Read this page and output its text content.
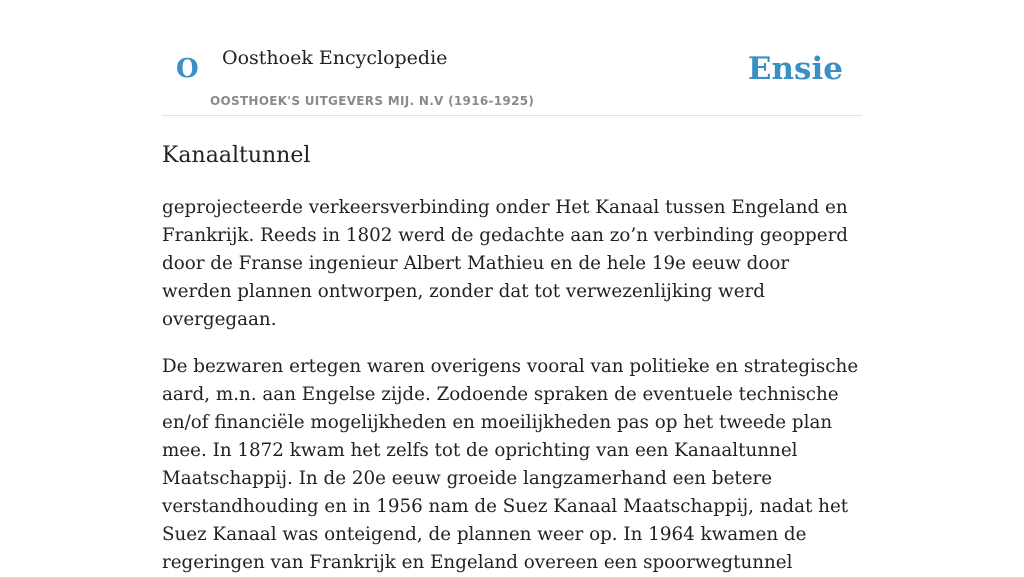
O Oosthoek Encyclopedie
OOSTHOEK'S UITGEVERS MIJ. N.V (1916-1925)
Ensie
Kanaaltunnel

geprojecteerde verkeersverbinding onder Het Kanaal tussen Engeland en Frankrijk. Reeds in 1802 werd de gedachte aan zo’n verbinding geopperd door de Franse ingenieur Albert Mathieu en de hele 19e eeuw door werden plannen ontworpen, zonder dat tot verwezenlijking werd overgegaan.

De bezwaren ertegen waren overigens vooral van politieke en strategische aard, m.n. aan Engelse zijde. Zodoende spraken de eventuele technische en/of financiële mogelijkheden en moeilijkheden pas op het tweede plan mee. In 1872 kwam het zelfs tot de oprichting van een Kanaaltunnel Maatschappij. In de 20e eeuw groeide langzamerhand een betere verstandhouding en in 1956 nam de Suez Kanaal Maatschappij, nadat het Suez Kanaal was onteigend, de plannen weer op. In 1964 kwamen de regeringen van Frankrijk en Engeland overeen een spoorwegtunnel
